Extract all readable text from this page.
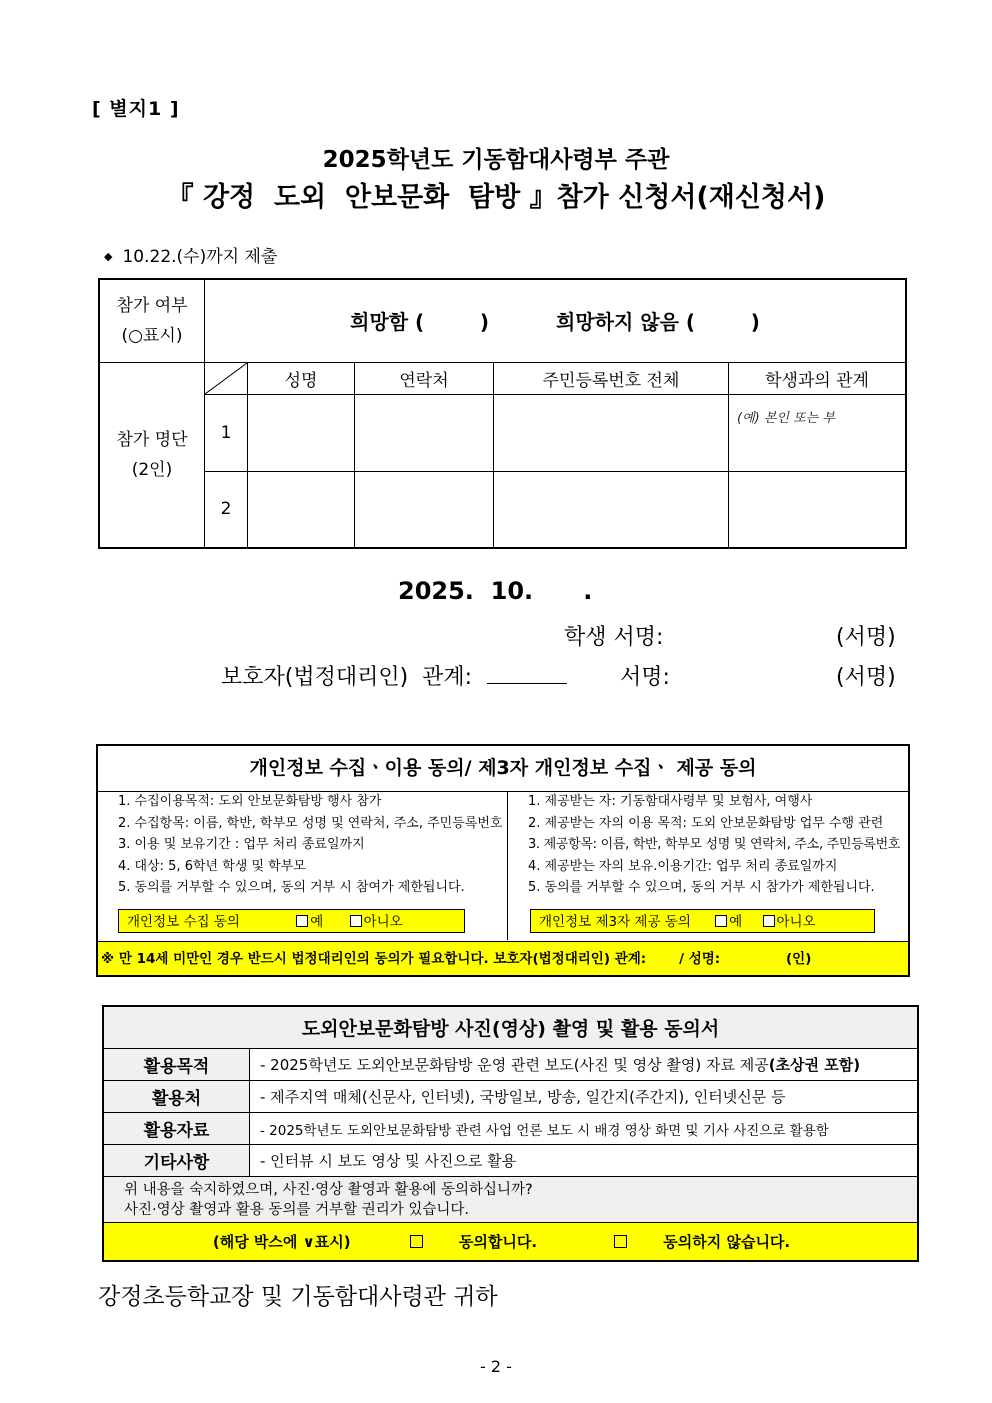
[ 별지1 ]
2025학년도 기동함대사령부 주관
『 강정  도외  안보문화  탐방 』참가 신청서(재신청서)
◆ 10.22.(수)까지 제출
참가 여부
(○표시)	희망함 (        ) 희망하지 않음 (        )				

참가 명단
(2인)		성명	연락처	주민등록번호 전체	학생과의 관계
	1				(예) 본인 또는 부
	2				
2025.  10.      .
학생 서명:	(서명)
보호자(법정대리인)  관계:	서명:	(서명)
개인정보 수집ㆍ이용 동의/ 제3자 개인정보 수집ㆍ 제공 동의
1. 수집이용목적: 도외 안보문화탐방 행사 참가
2. 수집항목: 이름, 학반, 학부모 성명 및 연락처, 주소, 주민등록번호
3. 이용 및 보유기간 : 업무 처리 종료일까지
4. 대상: 5, 6학년 학생 및 학부모
5. 동의를 거부할 수 있으며, 동의 거부 시 참여가 제한됩니다.
1. 제공받는 자: 기동함대사령부 및 보험사, 여행사
2. 제공받는 자의 이용 목적: 도외 안보문화탐방 업무 수행 관련
3. 제공항목: 이름, 학반, 학부모 성명 및 연락처, 주소, 주민등록번호
4. 제공받는 자의 보유.이용기간: 업무 처리 종료일까지
5. 동의를 거부할 수 있으며, 동의 거부 시 참가가 제한됩니다.
개인정보 수집 동의	예	아니오	개인정보 제3자 제공 동의	예	아니오
※ 만 14세 미만인 경우 반드시 법정대리인의 동의가 필요합니다. 보호자(법정대리인) 관계:       / 성명:              (인)
도외안보문화탐방 사진(영상) 촬영 및 활용 동의서	
활용목적	- 2025학년도 도외안보문화탐방 운영 관련 보도(사진 및 영상 촬영) 자료 제공(초상권 포함)
활용처	- 제주지역 매체(신문사, 인터넷), 국방일보, 방송, 일간지(주간지), 인터넷신문 등
활용자료	- 2025학년도 도외안보문화탐방 관련 사업 언론 보도 시 배경 영상 화면 및 기사 사진으로 활용함
기타사항	- 인터뷰 시 보도 영상 및 사진으로 활용

위 내용을 숙지하였으며, 사진·영상 촬영과 활용에 동의하십니까?
사진·영상 촬영과 활용 동의를 거부할 권리가 있습니다.	

(해당 박스에 ∨표시) 동의합니다. 동의하지 않습니다.	
강정초등학교장 및 기동함대사령관 귀하
- 2 -
